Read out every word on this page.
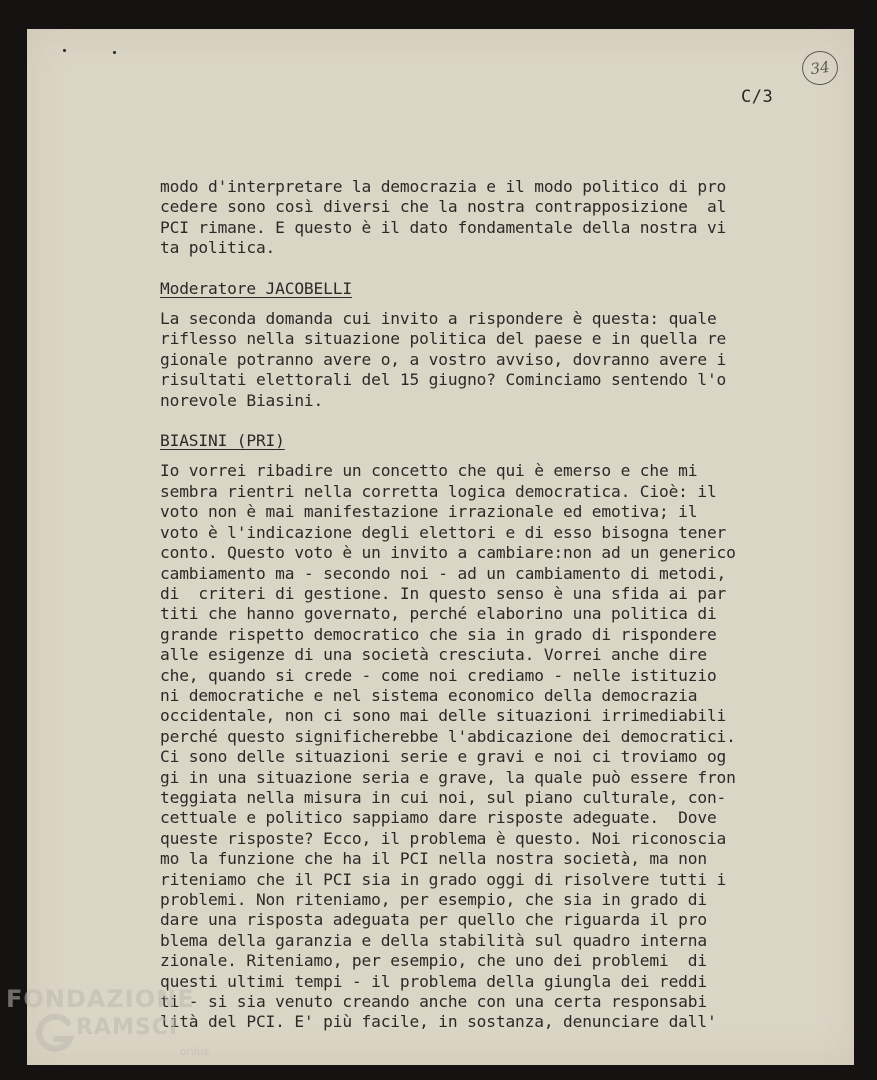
34
C/3
modo d'interpretare la democrazia e il modo politico di pro
cedere sono così diversi che la nostra contrapposizione  al
PCI rimane. E questo è il dato fondamentale della nostra vi
ta politica.
Moderatore JACOBELLI
La seconda domanda cui invito a rispondere è questa: quale
riflesso nella situazione politica del paese e in quella re
gionale potranno avere o, a vostro avviso, dovranno avere i
risultati elettorali del 15 giugno? Cominciamo sentendo l'o
norevole Biasini.
BIASINI (PRI)
Io vorrei ribadire un concetto che qui è emerso e che mi
sembra rientri nella corretta logica democratica. Cioè: il
voto non è mai manifestazione irrazionale ed emotiva; il
voto è l'indicazione degli elettori e di esso bisogna tener
conto. Questo voto è un invito a cambiare:non ad un generico
cambiamento ma - secondo noi - ad un cambiamento di metodi,
di  criteri di gestione. In questo senso è una sfida ai par
titi che hanno governato, perché elaborino una politica di
grande rispetto democratico che sia in grado di rispondere
alle esigenze di una società cresciuta. Vorrei anche dire
che, quando si crede - come noi crediamo - nelle istituzio
ni democratiche e nel sistema economico della democrazia
occidentale, non ci sono mai delle situazioni irrimediabili
perché questo significherebbe l'abdicazione dei democratici.
Ci sono delle situazioni serie e gravi e noi ci troviamo og
gi in una situazione seria e grave, la quale può essere fron
teggiata nella misura in cui noi, sul piano culturale, con-
cettuale e politico sappiamo dare risposte adeguate.  Dove
queste risposte? Ecco, il problema è questo. Noi riconoscia
mo la funzione che ha il PCI nella nostra società, ma non
riteniamo che il PCI sia in grado oggi di risolvere tutti i
problemi. Non riteniamo, per esempio, che sia in grado di
dare una risposta adeguata per quello che riguarda il pro
blema della garanzia e della stabilità sul quadro interna
zionale. Riteniamo, per esempio, che uno dei problemi  di
questi ultimi tempi - il problema della giungla dei reddi
ti - si sia venuto creando anche con una certa responsabi
lità del PCI. E' più facile, in sostanza, denunciare dall'
FONDAZIONE
RAMSCI
onlus
